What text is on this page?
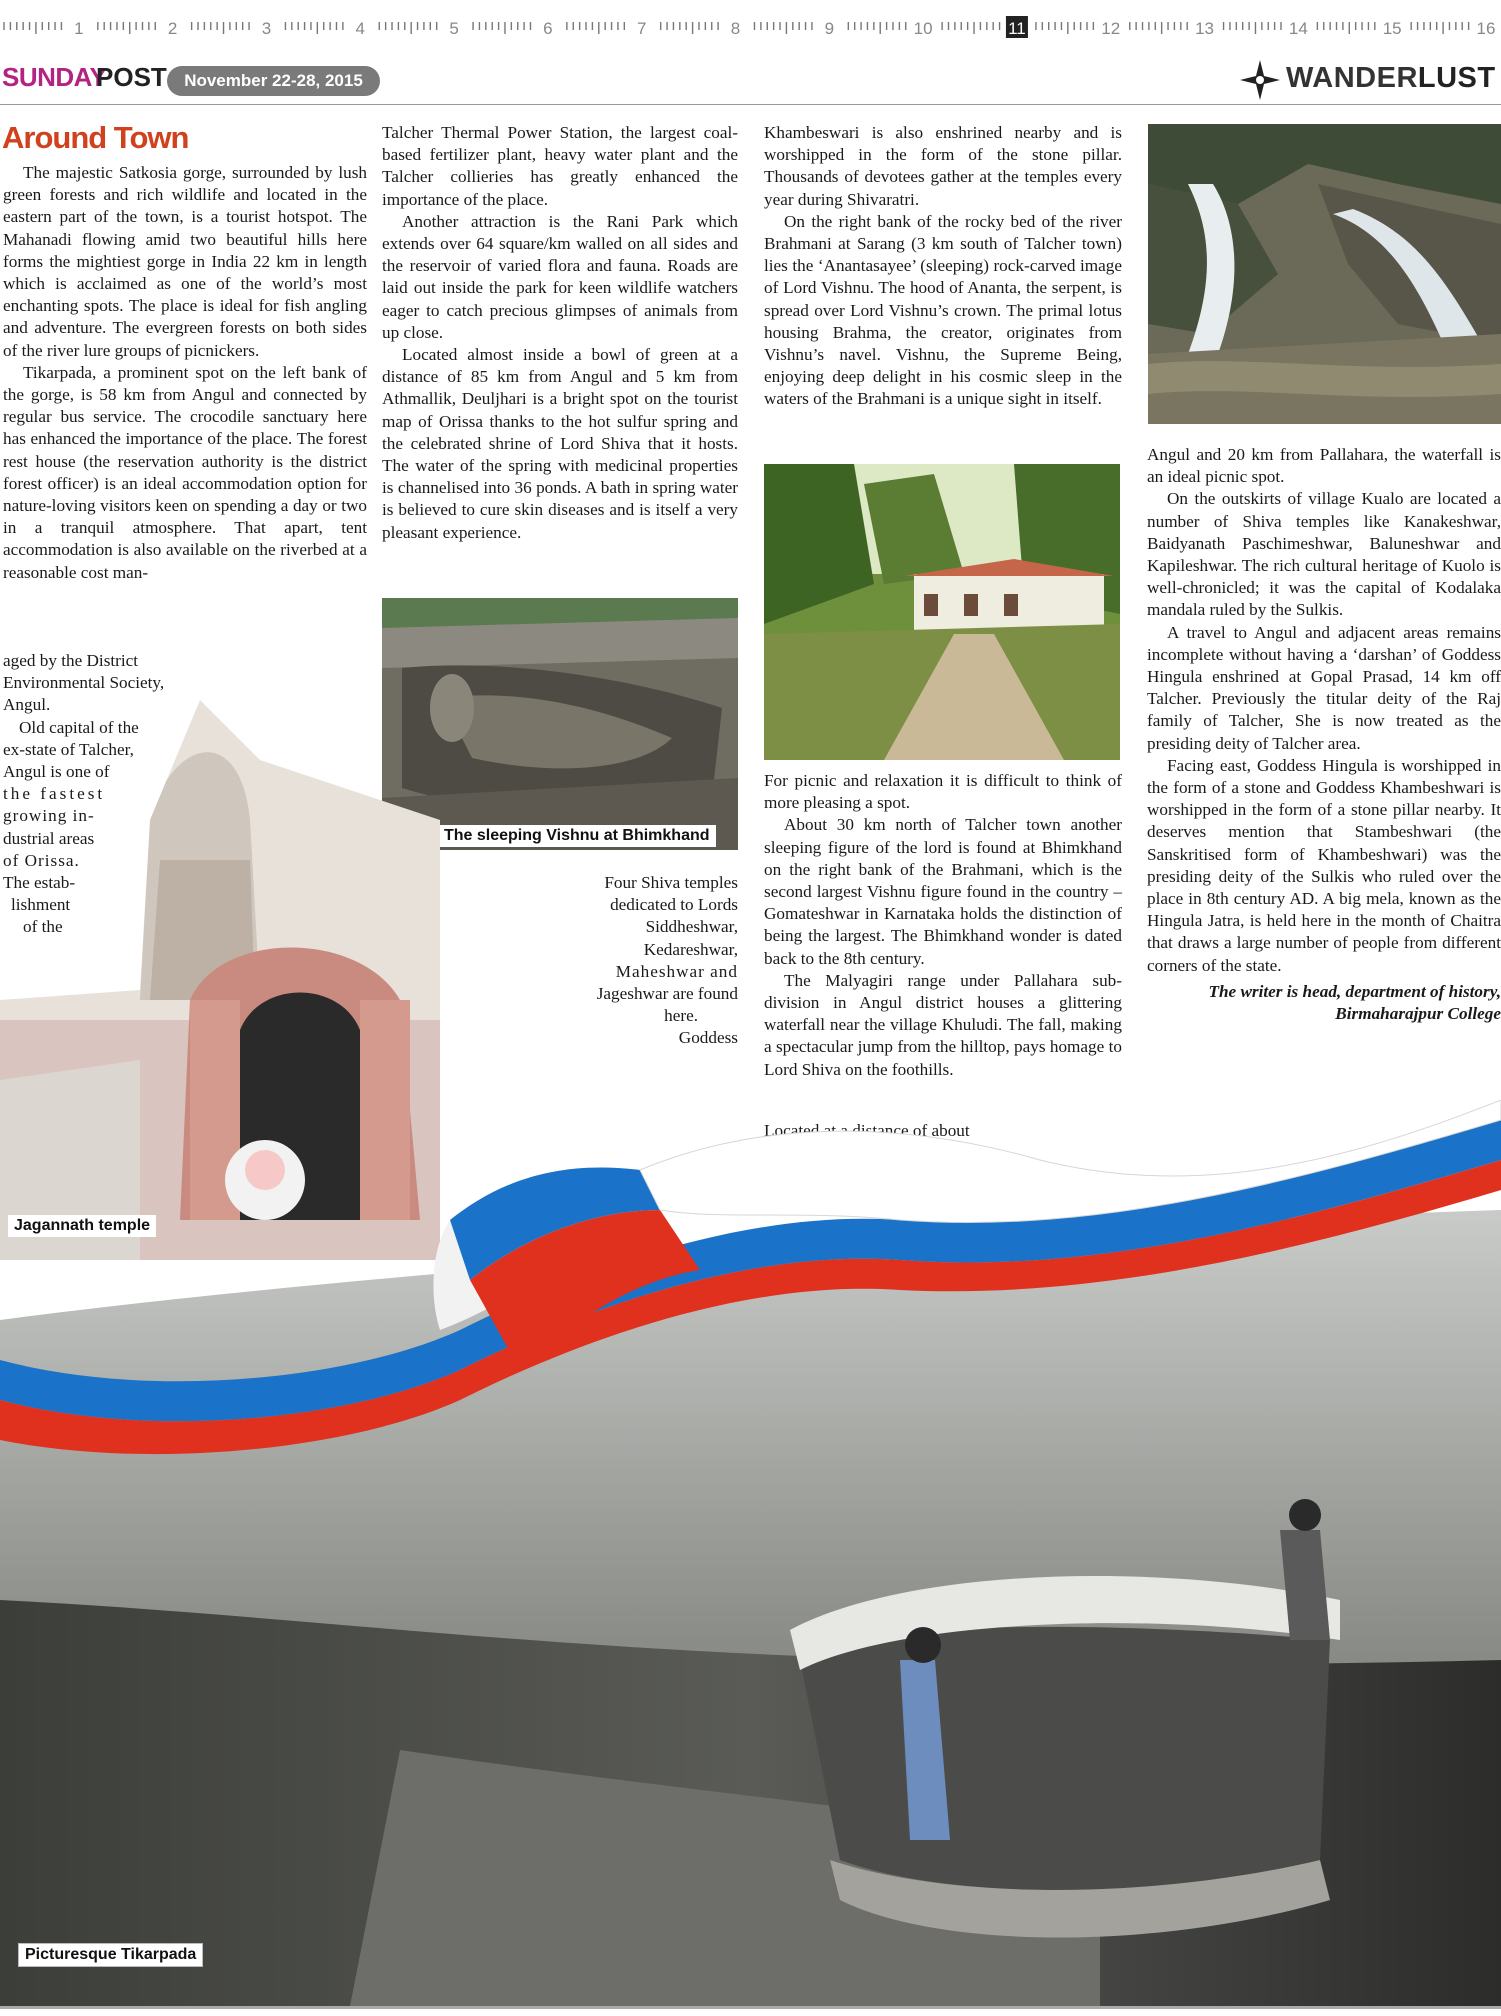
1	2	3	4	5	6	7	8	9	10	11	12	13	14	15	16
SUNDAY
POST	November 22-28, 2015	WANDERLUST
Around Town

The majestic Satkosia gorge, surrounded by lush green forests and rich wildlife and located in the eastern part of the town, is a tourist hotspot. The Mahanadi flowing amid two beautiful hills here forms the mightiest gorge in India 22 km in length which is acclaimed as one of the world’s most enchanting spots. The place is ideal for fish angling and adventure. The evergreen forests on both sides of the river lure groups of picnickers.

Tikarpada, a prominent spot on the left bank of the gorge, is 58 km from Angul and connected by regular bus service. The crocodile sanctuary here has enhanced the importance of the place. The forest rest house (the reservation authority is the district forest officer) is an ideal accommodation option for nature-loving visitors keen on spending a day or two in a tranquil atmosphere. That apart, tent accommodation is also available on the riverbed at a reasonable cost man-

aged by the District
Environmental Society,
Angul.
Old capital of the
ex-state of Talcher,
Angul is one of
the fastest
growing in-
dustrial areas
of Orissa.
The estab-
lishment
of the

Talcher Thermal Power Station, the largest coal-based fertilizer plant, heavy water plant and the Talcher collieries has greatly enhanced the importance of the place.

Another attraction is the Rani Park which extends over 64 square/km walled on all sides and the reservoir of varied flora and fauna. Roads are laid out inside the park for keen wildlife watchers eager to catch precious glimpses of animals from up close.

Located almost inside a bowl of green at a distance of 85 km from Angul and 5 km from Athmallik, Deuljhari is a bright spot on the tourist map of Orissa thanks to the hot sulfur spring and the celebrated shrine of Lord Shiva that it hosts. The water of the spring with medicinal properties is channelised into 36 ponds. A bath in spring water is believed to cure skin diseases and is itself a very pleasant experience.

Four Shiva temples
dedicated to Lords
Siddheshwar,
Kedareshwar,
Maheshwar and
Jageshwar are found
here.
Goddess

Khambeswari is also enshrined nearby and is worshipped in the form of the stone pillar. Thousands of devotees gather at the temples every year during Shivaratri.

On the right bank of the rocky bed of the river Brahmani at Sarang (3 km south of Talcher town) lies the ‘Anantasayee’ (sleeping) rock-carved image of Lord Vishnu. The hood of Ananta, the serpent, is spread over Lord Vishnu’s crown. The primal lotus housing Brahma, the creator, originates from Vishnu’s navel. Vishnu, the Supreme Being, enjoying deep delight in his cosmic sleep in the waters of the Brahmani is a unique sight in itself.

For picnic and relaxation it is difficult to think of more pleasing a spot.

About 30 km north of Talcher town another sleeping figure of the lord is found at Bhimkhand on the right bank of the Brahmani, which is the second largest Vishnu figure found in the country – Gomateshwar in Karnataka holds the distinction of being the largest. The Bhimkhand wonder is dated back to the 8th century.

The Malyagiri range under Pallahara sub-division in Angul district houses a glittering waterfall near the village Khuludi. The fall, making a spectacular jump from the hilltop, pays homage to Lord Shiva on the foothills.

Located at a distance of about

Angul and 20 km from Pallahara, the waterfall is an ideal picnic spot.

On the outskirts of village Kualo are located a number of Shiva temples like Kanakeshwar, Baidyanath Paschimeshwar, Baluneshwar and Kapileshwar. The rich cultural heritage of Kuolo is well-chronicled; it was the capital of Kodalaka mandala ruled by the Sulkis.

A travel to Angul and adjacent areas remains incomplete without having a ‘darshan’ of Goddess Hingula enshrined at Gopal Prasad, 14 km off Talcher. Previously the titular deity of the Raj family of Talcher, She is now treated as the presiding deity of Talcher area.

Facing east, Goddess Hingula is worshipped in the form of a stone and Goddess Khambeshwari is worshipped in the form of a stone pillar nearby. It deserves mention that Stambeshwari (the Sanskritised form of Khambeshwari) was the presiding deity of the Sulkis who ruled over the place in 8th century AD. A big mela, known as the Hingula Jatra, is held here in the month of Chaitra that draws a large number of people from different corners of the state.

The writer is head, department of history,
Birmaharajpur College
The sleeping Vishnu at Bhimkhand
Jagannath temple
Picturesque Tikarpada
